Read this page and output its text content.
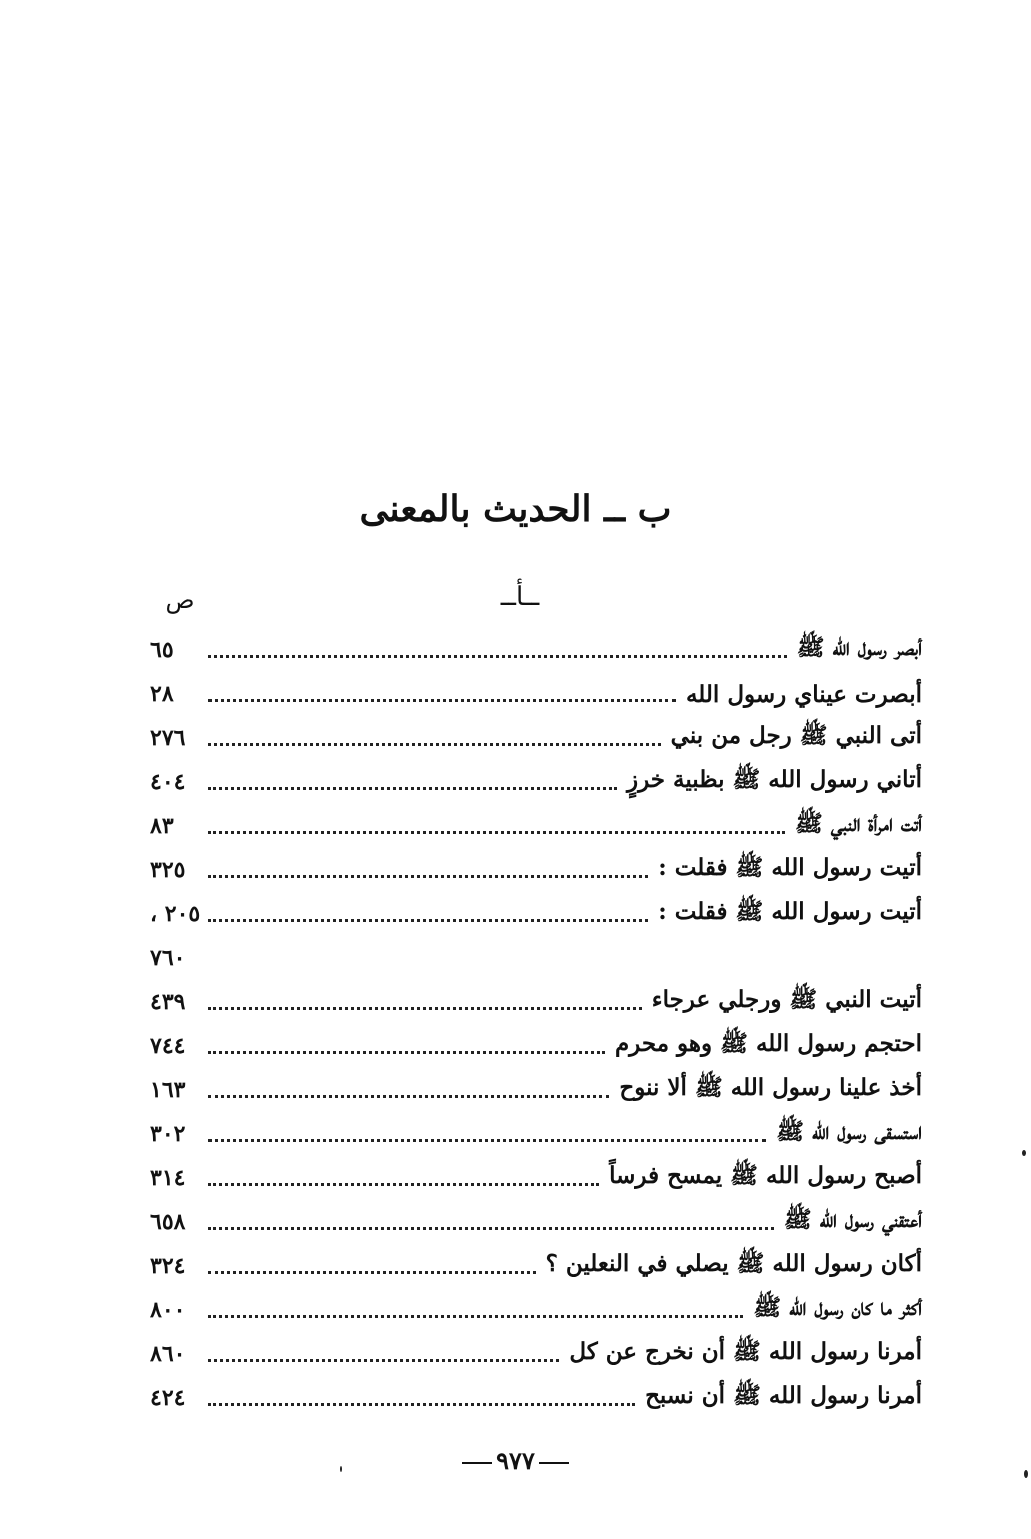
ب ــ الحديث بالمعنى
ــأــ
ص
أبصر رسول الله ﷺ
٦٥
أبصرت عيناي رسول الله
٢٨
أتى النبي ﷺ رجل من بني
٢٧٦
أتاني رسول الله ﷺ بظبية خرزٍ
٤٠٤
أتت امرأة النبي ﷺ
٨٣
أتيت رسول الله ﷺ فقلت :
٣٢٥
أتيت رسول الله ﷺ فقلت :
٢٠٥ ،
٧٦٠
أتيت النبي ﷺ ورجلي عرجاء
٤٣٩
احتجم رسول الله ﷺ وهو محرم
٧٤٤
أخذ علينا رسول الله ﷺ ألا ننوح
١٦٣
استسقى رسول الله ﷺ
٣٠٢
أصبح رسول الله ﷺ يمسح فرساً
٣١٤
أعتقني رسول الله ﷺ
٦٥٨
أكان رسول الله ﷺ يصلي في النعلين ؟
٣٢٤
أكثر ما كان رسول الله ﷺ
٨٠٠
أمرنا رسول الله ﷺ أن نخرج عن كل
٨٦٠
أمرنا رسول الله ﷺ أن نسبح
٤٢٤
٩٧٧
